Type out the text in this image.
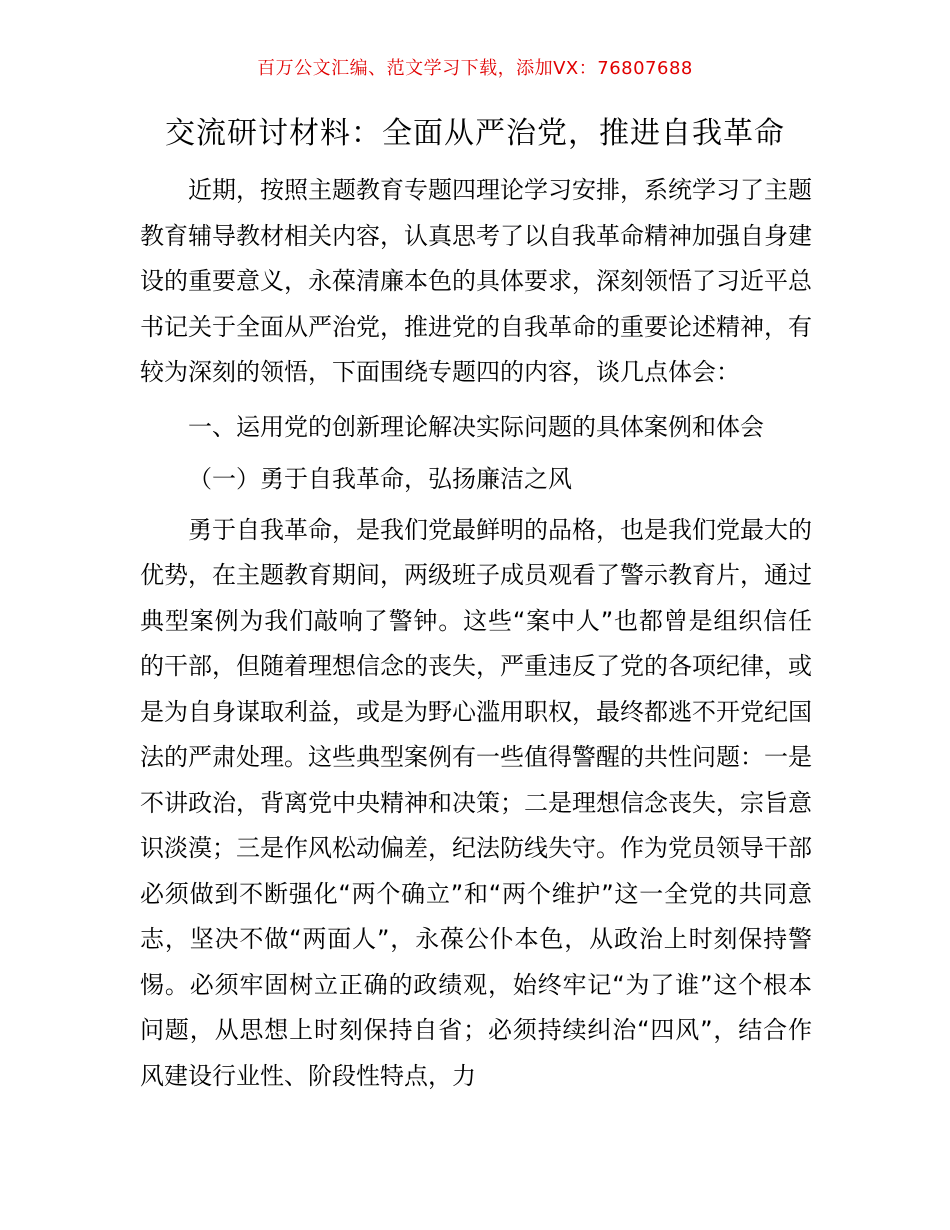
百万公文汇编、范文学习下载，添加VX：76807688
交流研讨材料：全面从严治党，推进自我革命

近期，按照主题教育专题四理论学习安排，系统学习了主题教育辅导教材相关内容，认真思考了以自我革命精神加强自身建设的重要意义，永葆清廉本色的具体要求，深刻领悟了习近平总书记关于全面从严治党，推进党的自我革命的重要论述精神，有较为深刻的领悟，下面围绕专题四的内容，谈几点体会：

一、运用党的创新理论解决实际问题的具体案例和体会

（一）勇于自我革命，弘扬廉洁之风

勇于自我革命，是我们党最鲜明的品格，也是我们党最大的优势，在主题教育期间，两级班子成员观看了警示教育片，通过典型案例为我们敲响了警钟。这些“案中人”也都曾是组织信任的干部，但随着理想信念的丧失，严重违反了党的各项纪律，或是为自身谋取利益，或是为野心滥用职权，最终都逃不开党纪国法的严肃处理。这些典型案例有一些值得警醒的共性问题：一是不讲政治，背离党中央精神和决策；二是理想信念丧失，宗旨意识淡漠；三是作风松动偏差，纪法防线失守。作为党员领导干部必须做到不断强化“两个确立”和“两个维护”这一全党的共同意志，坚决不做“两面人”，永葆公仆本色，从政治上时刻保持警惕。必须牢固树立正确的政绩观，始终牢记“为了谁”这个根本问题，从思想上时刻保持自省；必须持续纠治“四风”，结合作风建设行业性、阶段性特点，力
